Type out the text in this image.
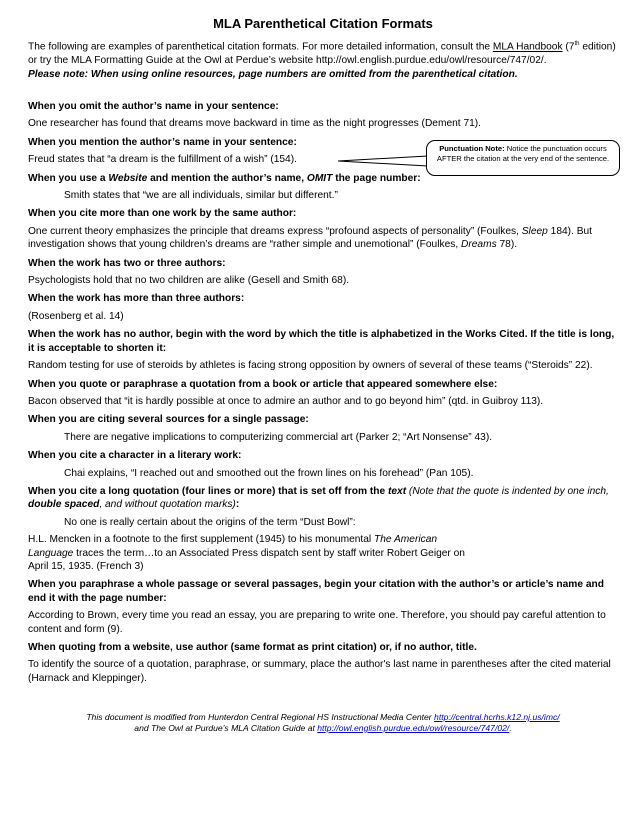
MLA Parenthetical Citation Formats

The following are examples of parenthetical citation formats. For more detailed information, consult the MLA Handbook (7th edition) or try the MLA Formatting Guide at the Owl at Perdue’s website http://owl.english.purdue.edu/owl/resource/747/02/.

Please note: When using online resources, page numbers are omitted from the parenthetical citation.

When you omit the author’s name in your sentence:

One researcher has found that dreams move backward in time as the night progresses (Dement 71).

When you mention the author’s name in your sentence:

Freud states that “a dream is the fulfillment of a wish” (154).

When you use a Website and mention the author’s name, OMIT the page number:

Smith states that “we are all individuals, similar but different.”

When you cite more than one work by the same author:

One current theory emphasizes the principle that dreams express “profound aspects of personality” (Foulkes, Sleep 184). But investigation shows that young children’s dreams are “rather simple and unemotional” (Foulkes, Dreams 78).

When the work has two or three authors:

Psychologists hold that no two children are alike (Gesell and Smith 68).

When the work has more than three authors:

(Rosenberg et al. 14)

When the work has no author, begin with the word by which the title is alphabetized in the Works Cited. If the title is long, it is acceptable to shorten it:

Random testing for use of steroids by athletes is facing strong opposition by owners of several of these teams (“Steroids” 22).

When you quote or paraphrase a quotation from a book or article that appeared somewhere else:

Bacon observed that “it is hardly possible at once to admire an author and to go beyond him” (qtd. in Guibroy 113).

When you are citing several sources for a single passage:

There are negative implications to computerizing commercial art (Parker 2; “Art Nonsense” 43).

When you cite a character in a literary work:

Chai explains, “I reached out and smoothed out the frown lines on his forehead” (Pan 105).

When you cite a long quotation (four lines or more) that is set off from the text (Note that the quote is indented by one inch, double spaced, and without quotation marks):

No one is really certain about the origins of the term “Dust Bowl”:

H.L. Mencken in a footnote to the first supplement (1945) to his monumental The American
Language traces the term…to an Associated Press dispatch sent by staff writer Robert Geiger on
April 15, 1935. (French 3)

When you paraphrase a whole passage or several passages, begin your citation with the author’s or article’s name and end it with the page number:

According to Brown, every time you read an essay, you are preparing to write one. Therefore, you should pay careful attention to content and form (9).

When quoting from a website, use author (same format as print citation) or, if no author, title.

To identify the source of a quotation, paraphrase, or summary, place the author's last name in parentheses after the cited material (Harnack and Kleppinger).

Punctuation Note: Notice the punctuation occurs AFTER the citation at the very end of the sentence.
This document is modified from Hunterdon Central Regional HS Instructional Media Center http://central.hcrhs.k12.nj.us/imc/
and The Owl at Purdue’s MLA Citation Guide at http://owl.english.purdue.edu/owl/resource/747/02/.
